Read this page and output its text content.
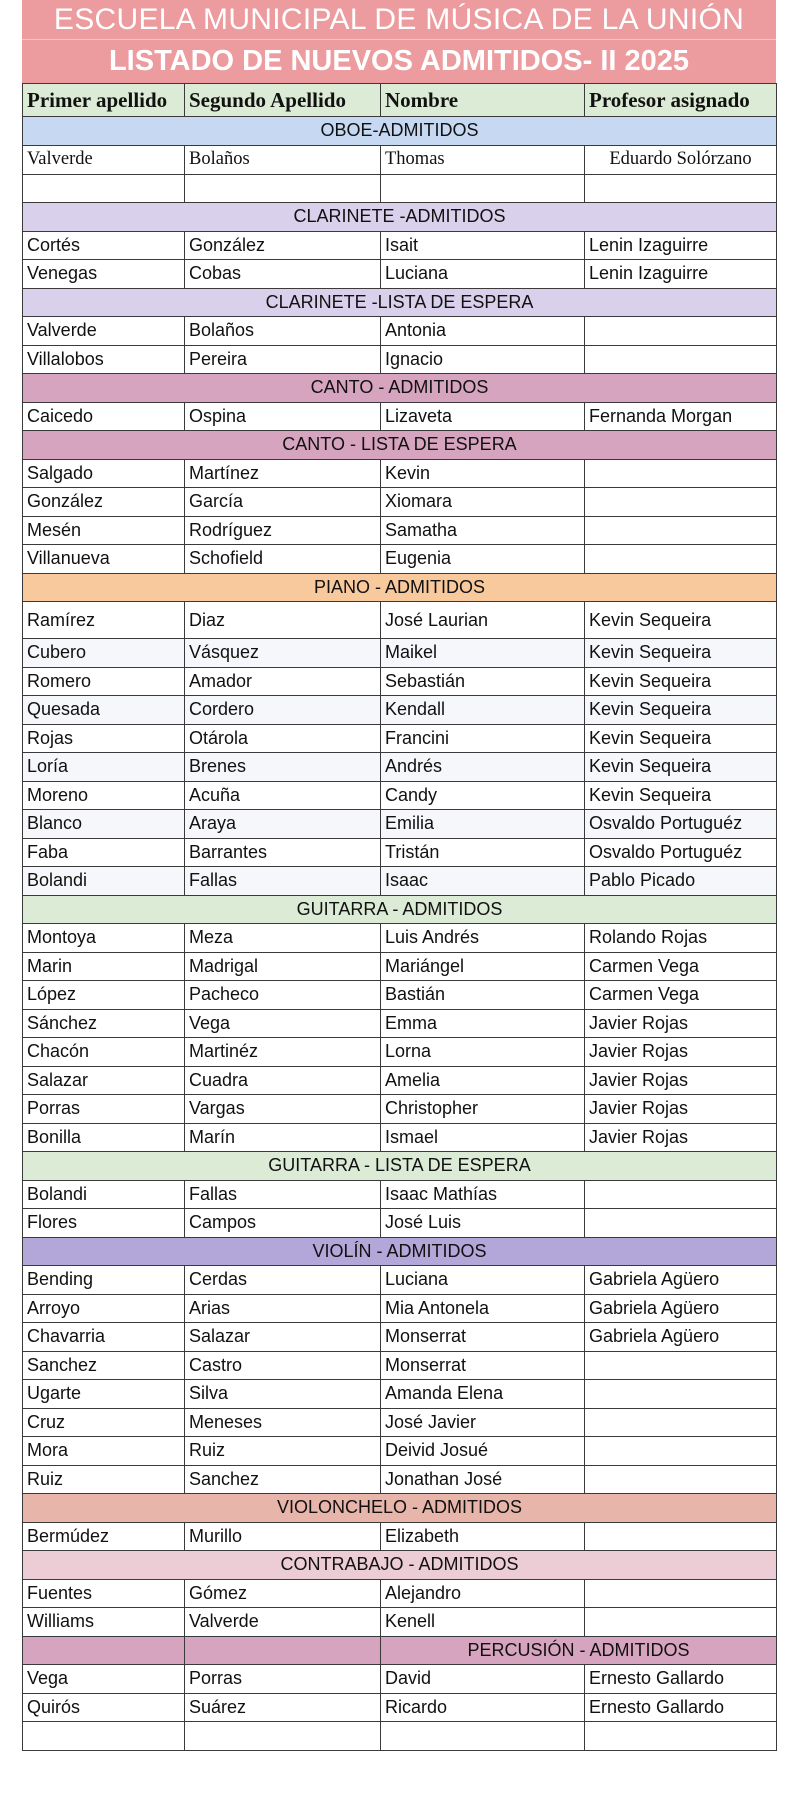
ESCUELA MUNICIPAL DE MÚSICA DE LA UNIÓN
LISTADO DE NUEVOS ADMITIDOS- II 2025
Primer apellido	Segundo Apellido	Nombre	Profesor asignado
OBOE-ADMITIDOS			
Valverde	Bolaños	Thomas	Eduardo Solórzano

CLARINETE -ADMITIDOS			
Cortés	González	Isait	Lenin Izaguirre
Venegas	Cobas	Luciana	Lenin Izaguirre
CLARINETE -LISTA DE ESPERA			
Valverde	Bolaños	Antonia	
Villalobos	Pereira	Ignacio	
CANTO - ADMITIDOS			
Caicedo	Ospina	Lizaveta	Fernanda Morgan
CANTO - LISTA DE ESPERA			
Salgado	Martínez	Kevin	
González	García	Xiomara	
Mesén	Rodríguez	Samatha	
Villanueva	Schofield	Eugenia	
PIANO - ADMITIDOS			
Ramírez	Diaz	José Laurian	Kevin Sequeira
Cubero	Vásquez	Maikel	Kevin Sequeira
Romero	Amador	Sebastián	Kevin Sequeira
Quesada	Cordero	Kendall	Kevin Sequeira
Rojas	Otárola	Francini	Kevin Sequeira
Loría	Brenes	Andrés	Kevin Sequeira
Moreno	Acuña	Candy	Kevin Sequeira
Blanco	Araya	Emilia	Osvaldo Portuguéz
Faba	Barrantes	Tristán	Osvaldo Portuguéz
Bolandi	Fallas	Isaac	Pablo Picado
GUITARRA - ADMITIDOS			
Montoya	Meza	Luis Andrés	Rolando Rojas
Marin	Madrigal	Mariángel	Carmen Vega
López	Pacheco	Bastián	Carmen Vega
Sánchez	Vega	Emma	Javier Rojas
Chacón	Martinéz	Lorna	Javier Rojas
Salazar	Cuadra	Amelia	Javier Rojas
Porras	Vargas	Christopher	Javier Rojas
Bonilla	Marín	Ismael	Javier Rojas
GUITARRA - LISTA DE ESPERA			
Bolandi	Fallas	Isaac Mathías	
Flores	Campos	José Luis	
VIOLÍN - ADMITIDOS			
Bending	Cerdas	Luciana	Gabriela Agüero
Arroyo	Arias	Mia Antonela	Gabriela Agüero
Chavarria	Salazar	Monserrat	Gabriela Agüero
Sanchez	Castro	Monserrat	
Ugarte	Silva	Amanda Elena	
Cruz	Meneses	José Javier	
Mora	Ruiz	Deivid Josué	
Ruiz	Sanchez	Jonathan José	
VIOLONCHELO - ADMITIDOS			
Bermúdez	Murillo	Elizabeth	
CONTRABAJO - ADMITIDOS			
Fuentes	Gómez	Alejandro	
Williams	Valverde	Kenell	
		PERCUSIÓN - ADMITIDOS	
Vega	Porras	David	Ernesto Gallardo
Quirós	Suárez	Ricardo	Ernesto Gallardo
